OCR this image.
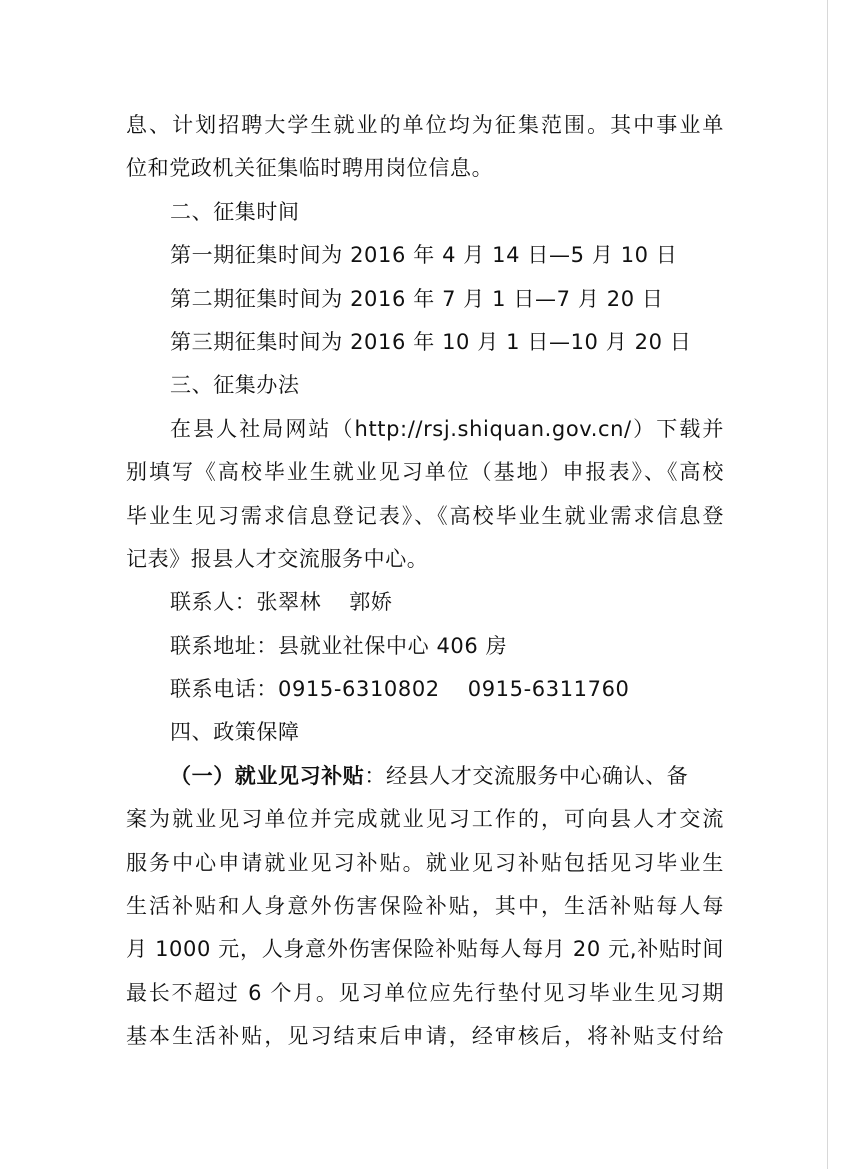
息、计划招聘大学生就业的单位均为征集范围。其中事业单
位和党政机关征集临时聘用岗位信息。
二、征集时间
第一期征集时间为 2016 年 4 月 14 日—5 月 10 日
第二期征集时间为 2016 年 7 月 1 日—7 月 20 日
第三期征集时间为 2016 年 10 月 1 日—10 月 20 日
三、征集办法
在县人社局网站（http://rsj.shiquan.gov.cn/）下载并
别填写《高校毕业生就业见习单位（基地）申报表》、《高校
毕业生见习需求信息登记表》、《高校毕业生就业需求信息登
记表》报县人才交流服务中心。
联系人：张翠林 郭娇
联系地址：县就业社保中心 406 房
联系电话：0915-6310802 0915-6311760
四、政策保障
（一）就业见习补贴：经县人才交流服务中心确认、备
案为就业见习单位并完成就业见习工作的，可向县人才交流
服务中心申请就业见习补贴。就业见习补贴包括见习毕业生
生活补贴和人身意外伤害保险补贴，其中，生活补贴每人每
月 1000 元，人身意外伤害保险补贴每人每月 20 元,补贴时间
最长不超过 6 个月。见习单位应先行垫付见习毕业生见习期
基本生活补贴，见习结束后申请，经审核后，将补贴支付给
